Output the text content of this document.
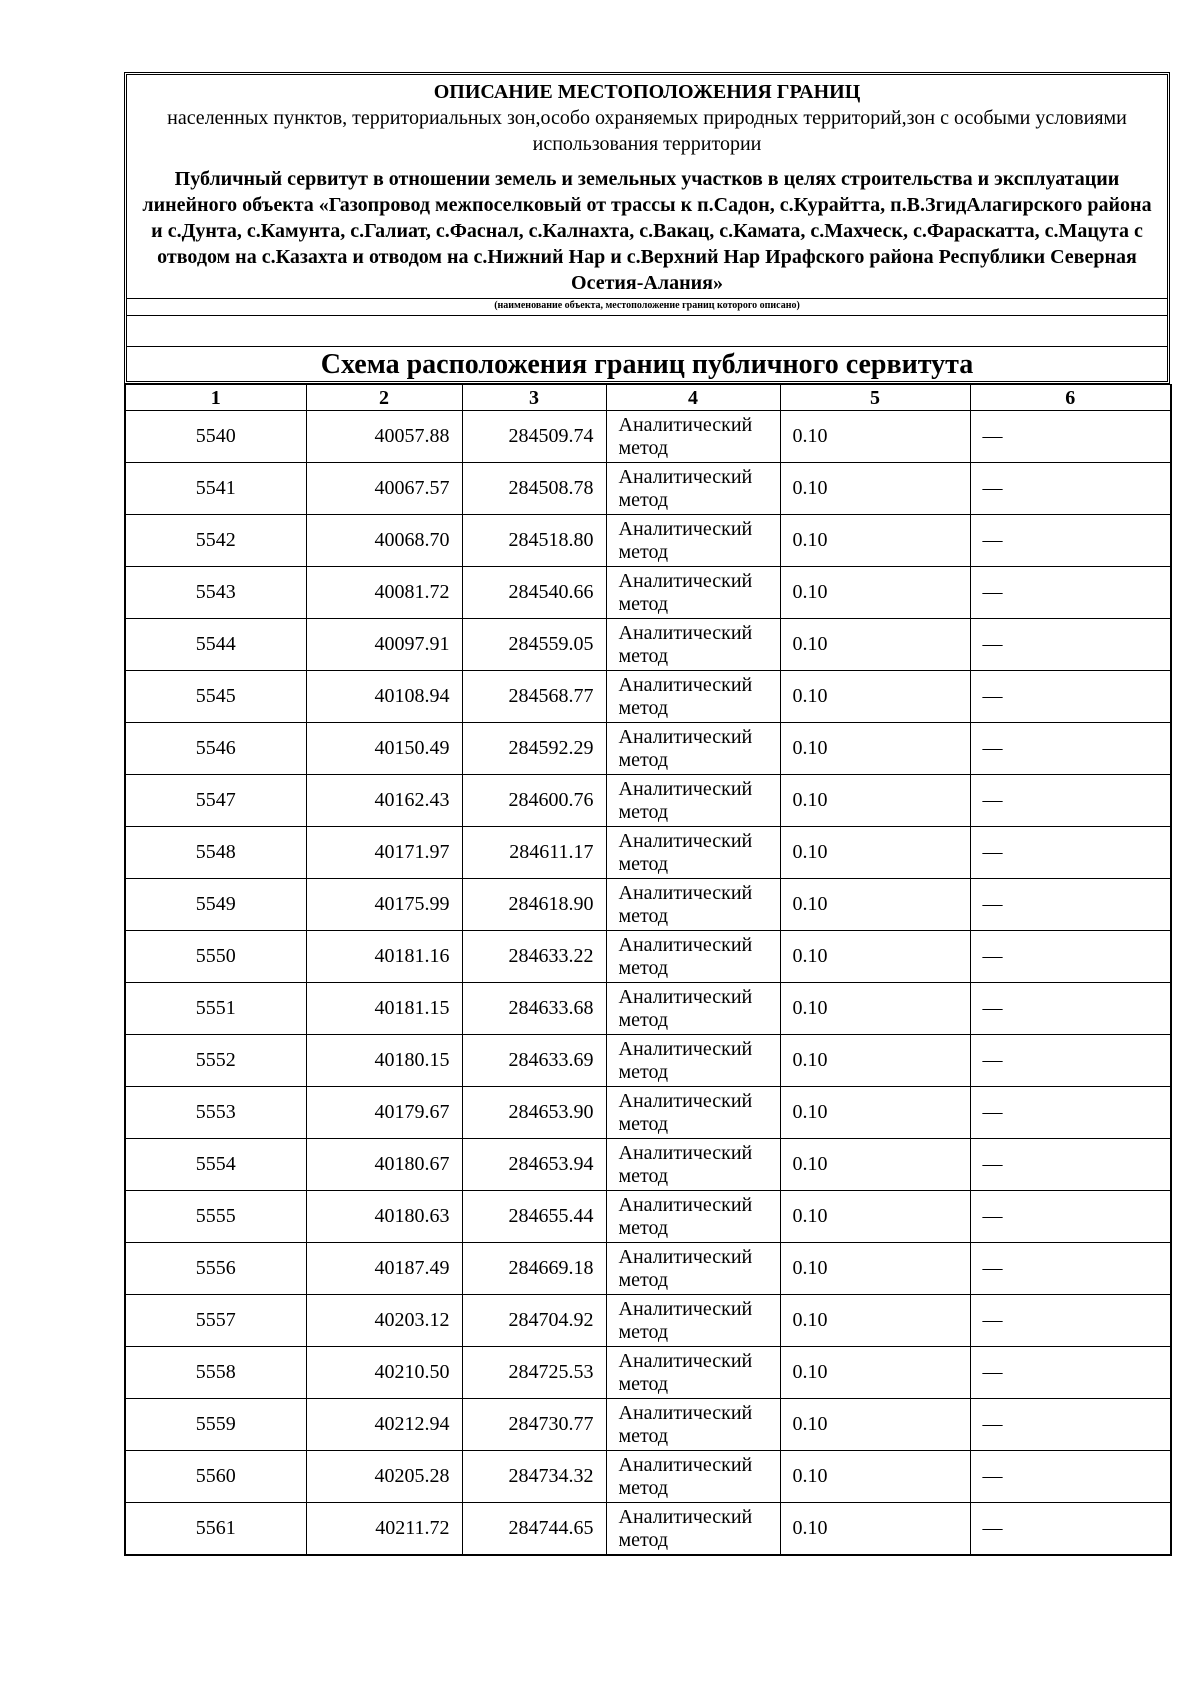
ОПИСАНИЕ МЕСТОПОЛОЖЕНИЯ ГРАНИЦ
населенных пунктов, территориальных зон,особо охраняемых природных территорий,зон с особыми условиями использования территории
Публичный сервитут в отношении земель и земельных участков в целях строительства и эксплуатации линейного объекта «Газопровод межпоселковый от трассы к п.Садон, с.Курайтта, п.В.ЗгидАлагирского района и с.Дунта, с.Камунта, с.Галиат, с.Фаснал, с.Калнахта, с.Вакац, с.Камата, с.Махческ, с.Фараскатта, с.Мацута с отводом на с.Казахта и отводом на с.Нижний Нар и с.Верхний Нар Ирафского района Республики Северная Осетия-Алания»
(наименование объекта, местоположение границ которого описано)
Схема расположения границ публичного сервитута
1	2	3	4	5	6
5540	40057.88	284509.74	Аналитический метод	0.10	—
5541	40067.57	284508.78	Аналитический метод	0.10	—
5542	40068.70	284518.80	Аналитический метод	0.10	—
5543	40081.72	284540.66	Аналитический метод	0.10	—
5544	40097.91	284559.05	Аналитический метод	0.10	—
5545	40108.94	284568.77	Аналитический метод	0.10	—
5546	40150.49	284592.29	Аналитический метод	0.10	—
5547	40162.43	284600.76	Аналитический метод	0.10	—
5548	40171.97	284611.17	Аналитический метод	0.10	—
5549	40175.99	284618.90	Аналитический метод	0.10	—
5550	40181.16	284633.22	Аналитический метод	0.10	—
5551	40181.15	284633.68	Аналитический метод	0.10	—
5552	40180.15	284633.69	Аналитический метод	0.10	—
5553	40179.67	284653.90	Аналитический метод	0.10	—
5554	40180.67	284653.94	Аналитический метод	0.10	—
5555	40180.63	284655.44	Аналитический метод	0.10	—
5556	40187.49	284669.18	Аналитический метод	0.10	—
5557	40203.12	284704.92	Аналитический метод	0.10	—
5558	40210.50	284725.53	Аналитический метод	0.10	—
5559	40212.94	284730.77	Аналитический метод	0.10	—
5560	40205.28	284734.32	Аналитический метод	0.10	—
5561	40211.72	284744.65	Аналитический метод	0.10	—
